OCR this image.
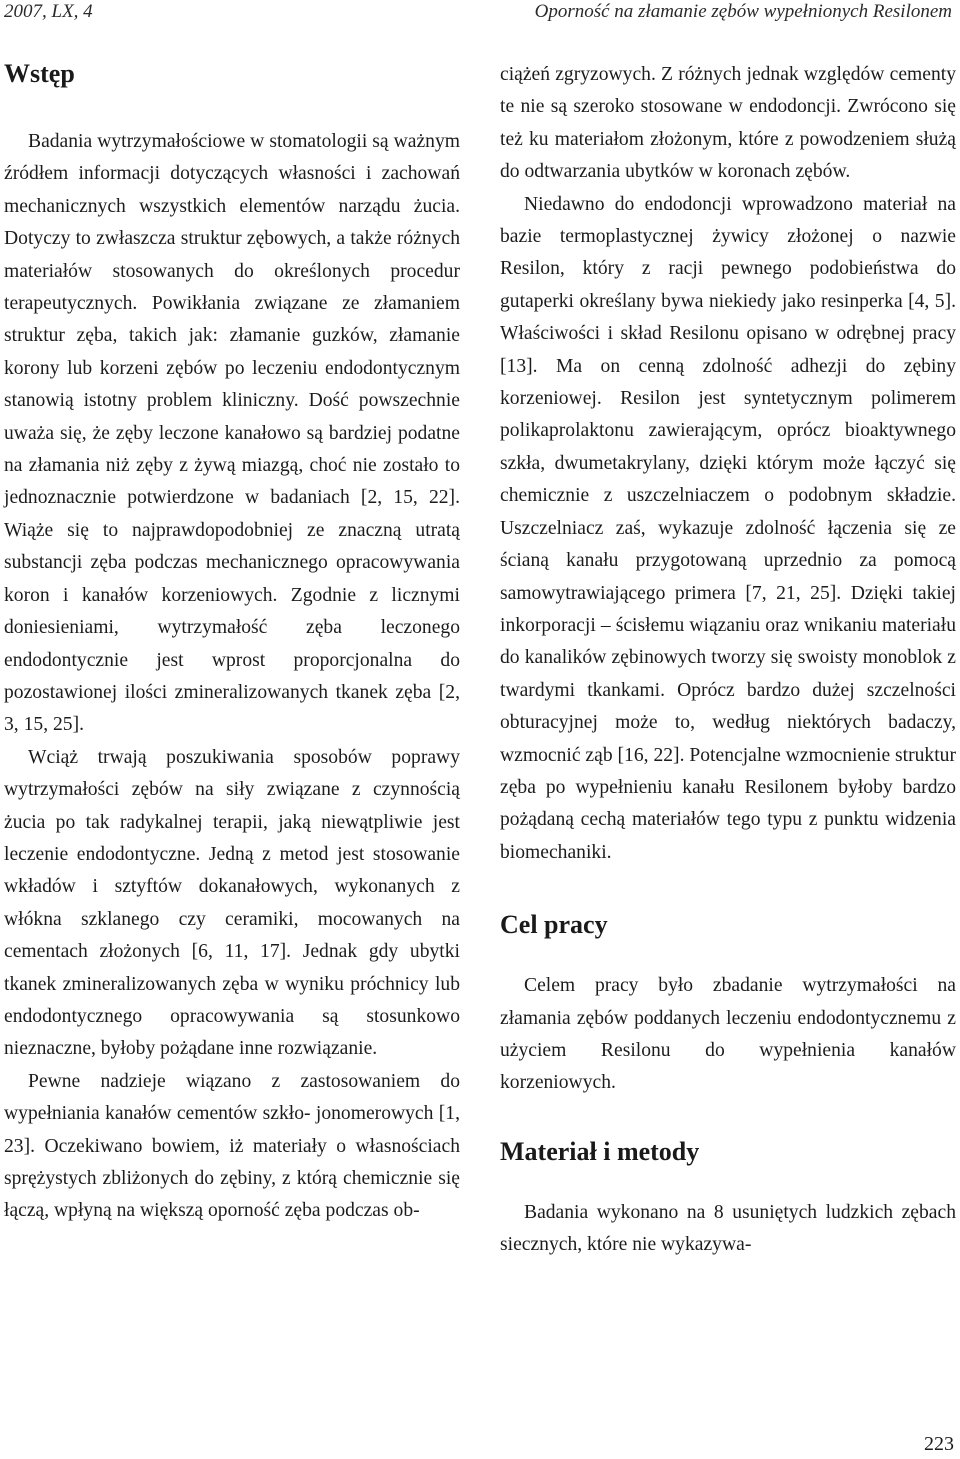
2007, LX, 4	Oporność na złamanie zębów wypełnionych Resilonem
Wstęp

Badania wytrzymałościowe w stomatologii są ważnym źródłem informacji dotyczących własności i zachowań mechanicznych wszystkich elementów narządu żucia. Dotyczy to zwłaszcza struktur zębowych, a także różnych materiałów stosowanych do określonych procedur terapeutycznych. Powikłania związane ze złamaniem struktur zęba, takich jak: złamanie guzków, złamanie korony lub korzeni zębów po leczeniu endodontycznym stanowią istotny problem kliniczny. Dość powszechnie uważa się, że zęby leczone kanałowo są bardziej podatne na złamania niż zęby z żywą miazgą, choć nie zostało to jednoznacznie potwierdzone w badaniach [2, 15, 22]. Wiąże się to najprawdopodobniej ze znaczną utratą substancji zęba podczas mechanicznego opracowywania koron i kanałów korzeniowych. Zgodnie z licznymi doniesieniami, wytrzymałość zęba leczonego endodontycznie jest wprost proporcjonalna do pozostawionej ilości zmineralizowanych tkanek zęba [2, 3, 15, 25].

Wciąż trwają poszukiwania sposobów poprawy wytrzymałości zębów na siły związane z czynnością żucia po tak radykalnej terapii, jaką niewątpliwie jest leczenie endodontyczne. Jedną z metod jest stosowanie wkładów i sztyftów dokanałowych, wykonanych z włókna szklanego czy ceramiki, mocowanych na cementach złożonych [6, 11, 17]. Jednak gdy ubytki tkanek zmineralizowanych zęba w wyniku próchnicy lub endodontycznego opracowywania są stosunkowo nieznaczne, byłoby pożądane inne rozwiązanie.

Pewne nadzieje wiązano z zastosowaniem do wypełniania kanałów cementów szkło- jonomerowych [1, 23]. Oczekiwano bowiem, iż materiały o własnościach sprężystych zbliżonych do zębiny, z którą chemicznie się łączą, wpłyną na większą oporność zęba podczas ob-

ciążeń zgryzowych. Z różnych jednak względów cementy te nie są szeroko stosowane w endodoncji. Zwrócono się też ku materiałom złożonym, które z powodzeniem służą do odtwarzania ubytków w koronach zębów.

Niedawno do endodoncji wprowadzono materiał na bazie termoplastycznej żywicy złożonej o nazwie Resilon, który z racji pewnego podobieństwa do gutaperki określany bywa niekiedy jako resinperka [4, 5]. Właściwości i skład Resilonu opisano w odrębnej pracy [13]. Ma on cenną zdolność adhezji do zębiny korzeniowej. Resilon jest syntetycznym polimerem polikaprolaktonu zawierającym, oprócz bioaktywnego szkła, dwumetakrylany, dzięki którym może łączyć się chemicznie z uszczelniaczem o podobnym składzie. Uszczelniacz zaś, wykazuje zdolność łączenia się ze ścianą kanału przygotowaną uprzednio za pomocą samowytrawiającego primera [7, 21, 25]. Dzięki takiej inkorporacji – ścisłemu wiązaniu oraz wnikaniu materiału do kanalików zębinowych tworzy się swoisty monoblok z twardymi tkankami. Oprócz bardzo dużej szczelności obturacyjnej może to, według niektórych badaczy, wzmocnić ząb [16, 22]. Potencjalne wzmocnienie struktur zęba po wypełnieniu kanału Resilonem byłoby bardzo pożądaną cechą materiałów tego typu z punktu widzenia biomechaniki.

Cel pracy

Celem pracy było zbadanie wytrzymałości na złamania zębów poddanych leczeniu endodontycznemu z użyciem Resilonu do wypełnienia kanałów korzeniowych.

Materiał i metody

Badania wykonano na 8 usuniętych ludzkich zębach siecznych, które nie wykazywa-

223
